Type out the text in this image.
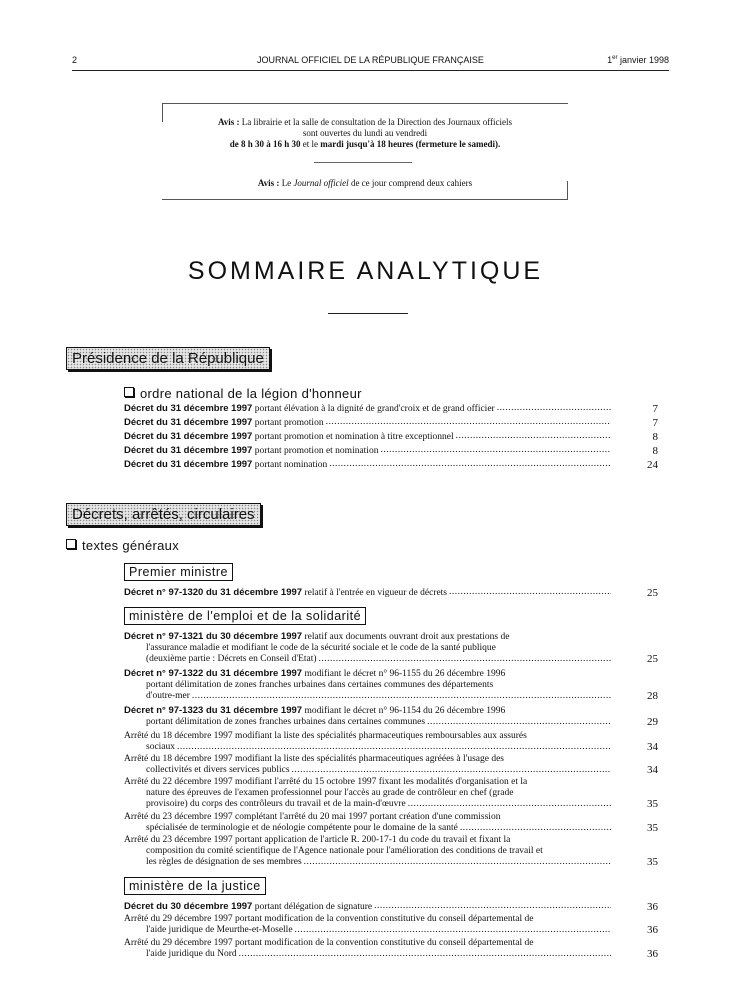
2	JOURNAL OFFICIEL DE LA RÉPUBLIQUE FRANÇAISE	1er janvier 1998
Avis : La librairie et la salle de consultation de la Direction des Journaux officiels
sont ouvertes du lundi au vendredi
de 8 h 30 à 16 h 30 et le mardi jusqu'à 18 heures (fermeture le samedi).
Avis : Le Journal officiel de ce jour comprend deux cahiers
SOMMAIRE ANALYTIQUE
Présidence de la République
ordre national de la légion d'honneur
Décret du 31 décembre 1997 portant élévation à la dignité de grand'croix et de grand officier .....	7
Décret du 31 décembre 1997 portant promotion .....	7
Décret du 31 décembre 1997 portant promotion et nomination à titre exceptionnel .....	8
Décret du 31 décembre 1997 portant promotion et nomination .....	8
Décret du 31 décembre 1997 portant nomination .....	24
Décrets, arrêtés, circulaires
textes généraux
Premier ministre
Décret n° 97-1320 du 31 décembre 1997 relatif à l'entrée en vigueur de décrets .....	25
ministère de l'emploi et de la solidarité
Décret n° 97-1321 du 30 décembre 1997 relatif aux documents ouvrant droit aux prestations de
l'assurance maladie et modifiant le code de la sécurité sociale et le code de la santé publique
(deuxième partie : Décrets en Conseil d'Etat) .....	25
Décret n° 97-1322 du 31 décembre 1997 modifiant le décret n° 96-1155 du 26 décembre 1996
portant délimitation de zones franches urbaines dans certaines communes des départements
d'outre-mer .....	28
Décret n° 97-1323 du 31 décembre 1997 modifiant le décret n° 96-1154 du 26 décembre 1996
portant délimitation de zones franches urbaines dans certaines communes .....	29
Arrêté du 18 décembre 1997 modifiant la liste des spécialités pharmaceutiques remboursables aux assurés
sociaux .....	34
Arrêté du 18 décembre 1997 modifiant la liste des spécialités pharmaceutiques agréées à l'usage des
collectivités et divers services publics .....	34
Arrêté du 22 décembre 1997 modifiant l'arrêté du 15 octobre 1997 fixant les modalités d'organisation et la
nature des épreuves de l'examen professionnel pour l'accès au grade de contrôleur en chef (grade
provisoire) du corps des contrôleurs du travail et de la main-d'œuvre .....	35
Arrêté du 23 décembre 1997 complétant l'arrêté du 20 mai 1997 portant création d'une commission
spécialisée de terminologie et de néologie compétente pour le domaine de la santé .....	35
Arrêté du 23 décembre 1997 portant application de l'article R. 200-17-1 du code du travail et fixant la
composition du comité scientifique de l'Agence nationale pour l'amélioration des conditions de travail et
les règles de désignation de ses membres .....	35
ministère de la justice
Décret du 30 décembre 1997 portant délégation de signature .....	36
Arrêté du 29 décembre 1997 portant modification de la convention constitutive du conseil départemental de
l'aide juridique de Meurthe-et-Moselle .....	36
Arrêté du 29 décembre 1997 portant modification de la convention constitutive du conseil départemental de
l'aide juridique du Nord .....	36
